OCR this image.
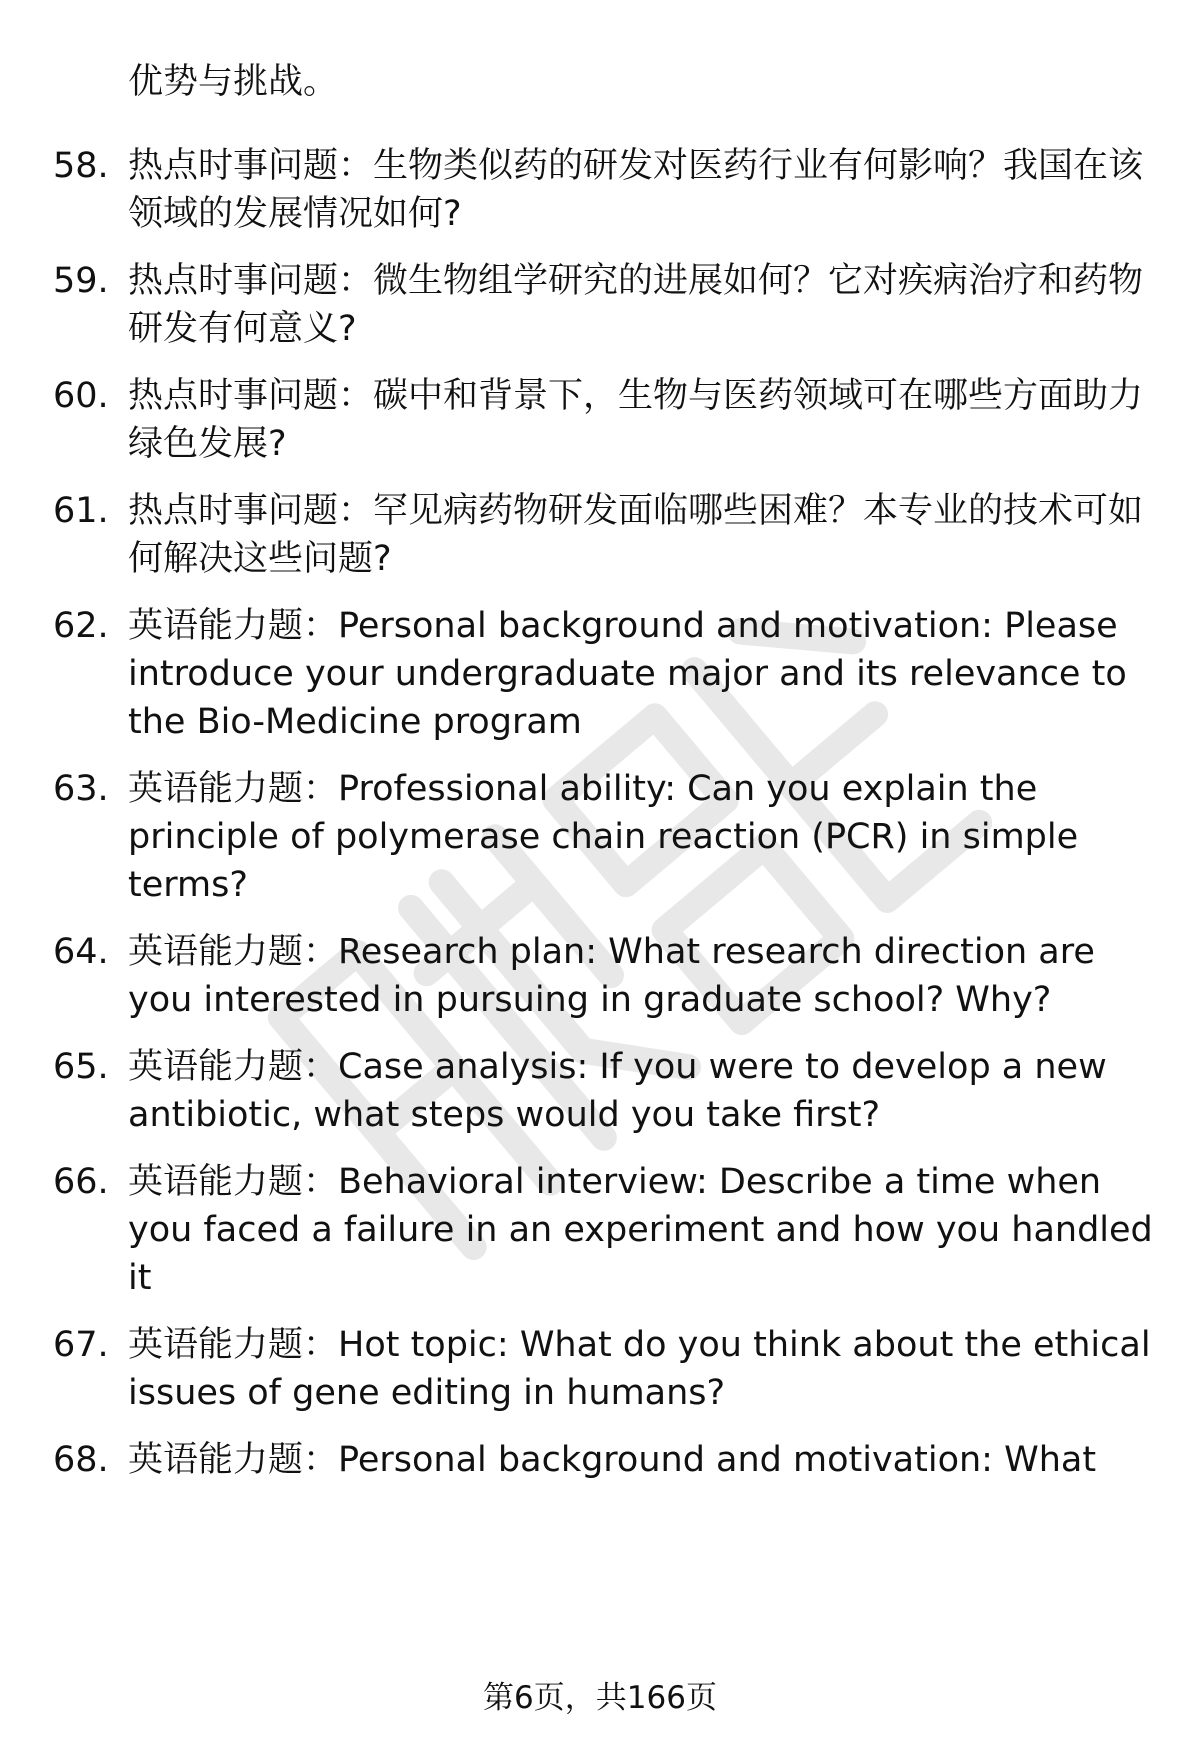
优势与挑战。

58. 热点时事问题：生物类似药的研发对医药行业有何影响？我国在该领域的发展情况如何?
59. 热点时事问题：微生物组学研究的进展如何？它对疾病治疗和药物研发有何意义?
60. 热点时事问题：碳中和背景下，生物与医药领域可在哪些方面助力绿色发展?
61. 热点时事问题：罕见病药物研发面临哪些困难？本专业的技术可如何解决这些问题?
62. 英语能力题：Personal background and motivation: Please introduce your undergraduate major and its relevance to the Bio-Medicine program
63. 英语能力题：Professional ability: Can you explain the principle of polymerase chain reaction (PCR) in simple terms?
64. 英语能力题：Research plan: What research direction are you interested in pursuing in graduate school? Why?
65. 英语能力题：Case analysis: If you were to develop a new antibiotic, what steps would you take first?
66. 英语能力题：Behavioral interview: Describe a time when you faced a failure in an experiment and how you handled it
67. 英语能力题：Hot topic: What do you think about the ethical issues of gene editing in humans?
68. 英语能力题：Personal background and motivation: What
第6页，共166页
